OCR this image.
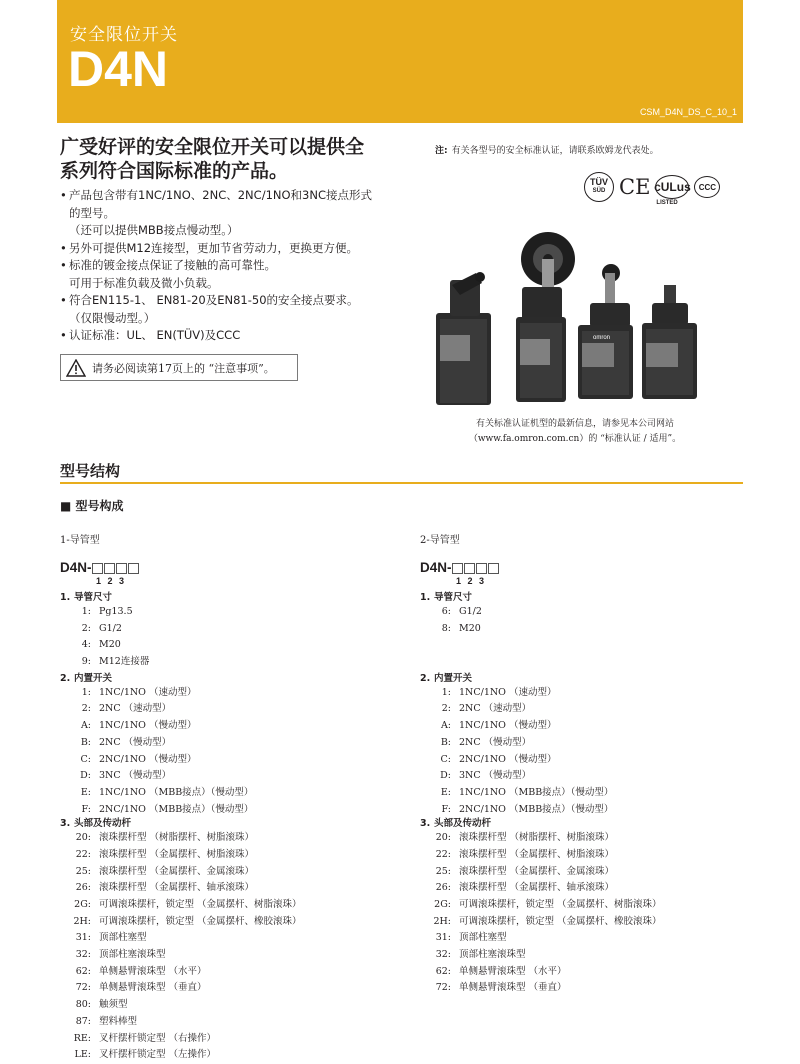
安全限位开关
D4N
CSM_D4N_DS_C_10_1
广受好评的安全限位开关可以提供全
系列符合国际标准的产品。
• 产品包含带有1NC/1NO、2NC、2NC/1NO和3NC接点形式
的型号。
（还可以提供MBB接点慢动型。）
• 另外可提供M12连接型，更加节省劳动力，更换更方便。
• 标准的镀金接点保证了接触的高可靠性。
可用于标准负载及微小负载。
• 符合EN115-1、 EN81-20及EN81-50的安全接点要求。
（仅限慢动型。）
• 认证标准：UL、 EN(TÜV)及CCC
请务必阅读第17页上的 “注意事项”。
注: 有关各型号的安全标准认证，请联系欧姆龙代表处。
TÜV
SÜD CE cULus
LISTED
CCC
omron
有关标准认证机型的最新信息，请参见本公司网站
（www.fa.omron.com.cn）的 “标准认证 / 适用”。
型号结构
■ 型号构成
1-导管型
D4N-
1 2 3
1. 导管尺寸
1: Pg13.5
2: G1/2
4: M20
9: M12连接器
2. 内置开关
1: 1NC/1NO （速动型）
2: 2NC （速动型）
A: 1NC/1NO （慢动型）
B: 2NC （慢动型）
C: 2NC/1NO （慢动型）
D: 3NC （慢动型）
E: 1NC/1NO （MBB接点）（慢动型）
F: 2NC/1NO （MBB接点）（慢动型）
3. 头部及传动杆
20: 滚珠摆杆型 （树脂摆杆、树脂滚珠）
22: 滚珠摆杆型 （金属摆杆、树脂滚珠）
25: 滚珠摆杆型 （金属摆杆、金属滚珠）
26: 滚珠摆杆型 （金属摆杆、轴承滚珠）
2G: 可调滚珠摆杆，锁定型 （金属摆杆、树脂滚珠）
2H: 可调滚珠摆杆，锁定型 （金属摆杆、橡胶滚珠）
31: 顶部柱塞型
32: 顶部柱塞滚珠型
62: 单侧悬臂滚珠型 （水平）
72: 单侧悬臂滚珠型 （垂直）
80: 触须型
87: 塑料棒型
RE: 叉杆摆杆锁定型 （右操作）
LE: 叉杆摆杆锁定型 （左操作）
2-导管型
D4N-
1 2 3
1. 导管尺寸
6: G1/2
8: M20
2. 内置开关
1: 1NC/1NO （速动型）
2: 2NC （速动型）
A: 1NC/1NO （慢动型）
B: 2NC （慢动型）
C: 2NC/1NO （慢动型）
D: 3NC （慢动型）
E: 1NC/1NO （MBB接点）（慢动型）
F: 2NC/1NO （MBB接点）（慢动型）
3. 头部及传动杆
20: 滚珠摆杆型 （树脂摆杆、树脂滚珠）
22: 滚珠摆杆型 （金属摆杆、树脂滚珠）
25: 滚珠摆杆型 （金属摆杆、金属滚珠）
26: 滚珠摆杆型 （金属摆杆、轴承滚珠）
2G: 可调滚珠摆杆，锁定型 （金属摆杆、树脂滚珠）
2H: 可调滚珠摆杆，锁定型 （金属摆杆、橡胶滚珠）
31: 顶部柱塞型
32: 顶部柱塞滚珠型
62: 单侧悬臂滚珠型 （水平）
72: 单侧悬臂滚珠型 （垂直）
